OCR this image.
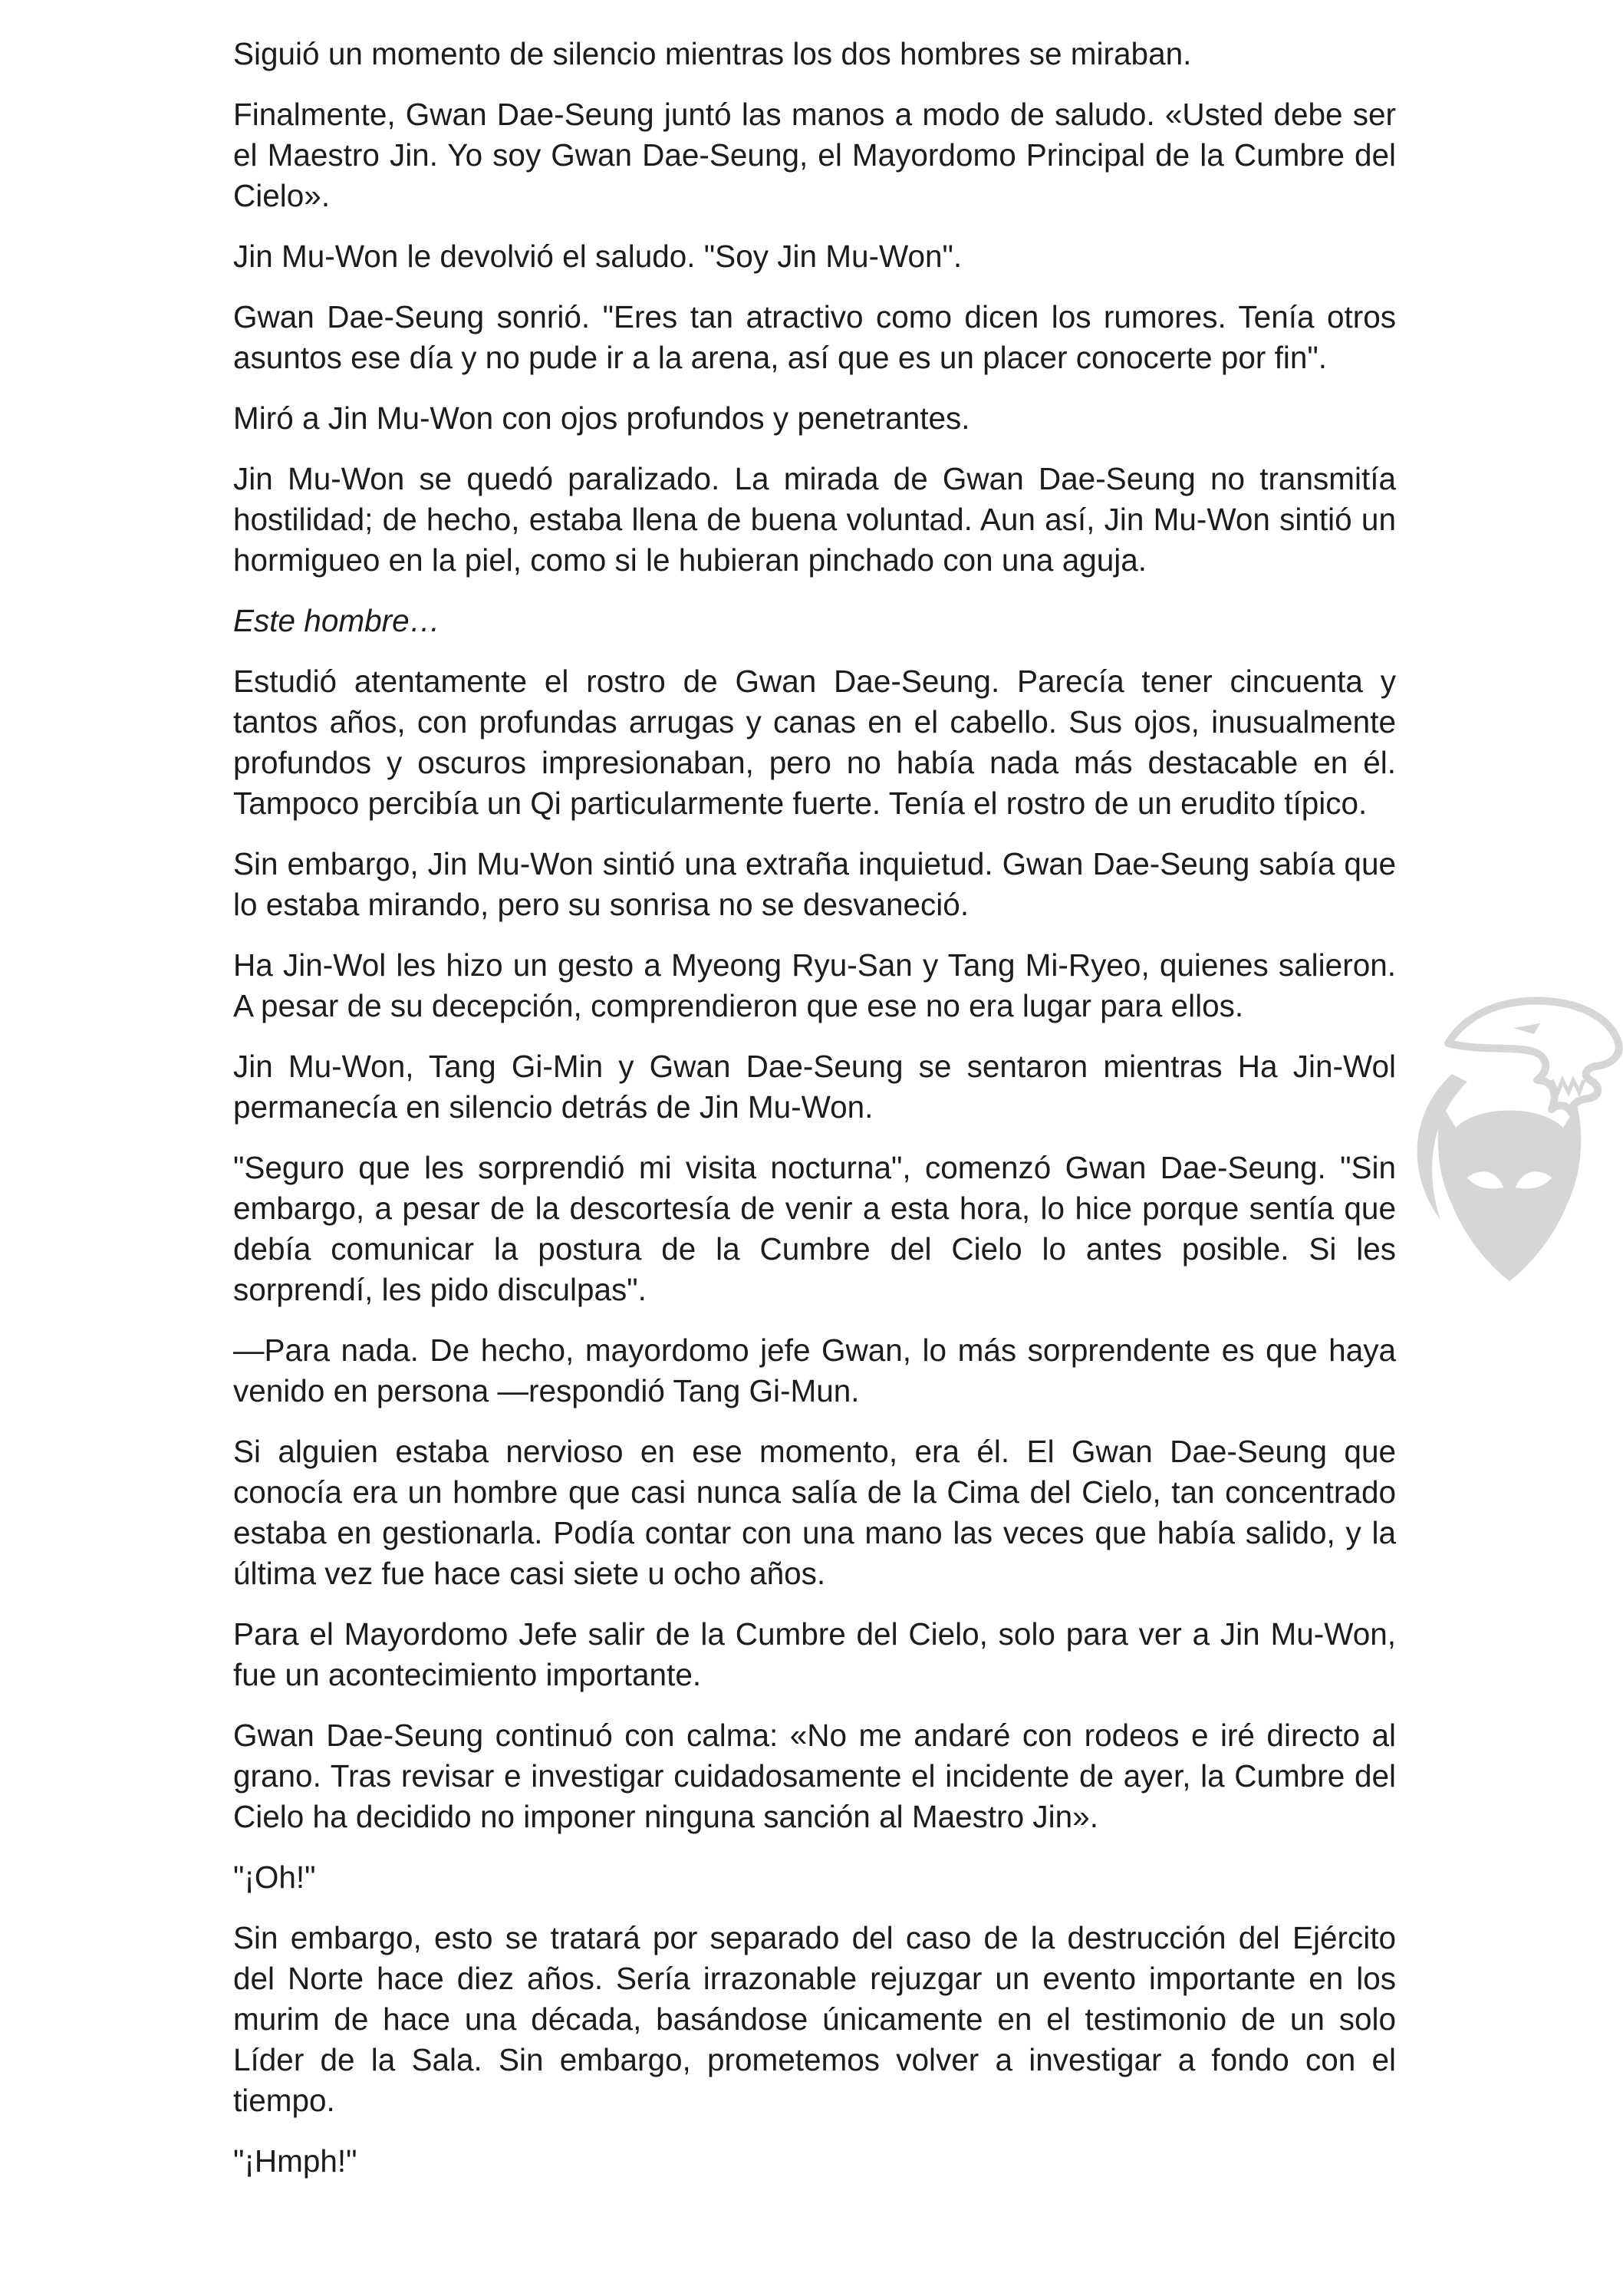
Siguió un momento de silencio mientras los dos hombres se miraban.

Finalmente, Gwan Dae-Seung juntó las manos a modo de saludo. «Usted debe ser el Maestro Jin. Yo soy Gwan Dae-Seung, el Mayordomo Principal de la Cumbre del Cielo».

Jin Mu-Won le devolvió el saludo. "Soy Jin Mu-Won".

Gwan Dae-Seung sonrió. "Eres tan atractivo como dicen los rumores. Tenía otros asuntos ese día y no pude ir a la arena, así que es un placer conocerte por fin".

Miró a Jin Mu-Won con ojos profundos y penetrantes.

Jin Mu-Won se quedó paralizado. La mirada de Gwan Dae-Seung no transmitía hostilidad; de hecho, estaba llena de buena voluntad. Aun así, Jin Mu-Won sintió un hormigueo en la piel, como si le hubieran pinchado con una aguja.

Este hombre…

Estudió atentamente el rostro de Gwan Dae-Seung. Parecía tener cincuenta y tantos años, con profundas arrugas y canas en el cabello. Sus ojos, inusualmente profundos y oscuros impresionaban, pero no había nada más destacable en él. Tampoco percibía un Qi particularmente fuerte. Tenía el rostro de un erudito típico.

Sin embargo, Jin Mu-Won sintió una extraña inquietud. Gwan Dae-Seung sabía que lo estaba mirando, pero su sonrisa no se desvaneció.

Ha Jin-Wol les hizo un gesto a Myeong Ryu-San y Tang Mi-Ryeo, quienes salieron. A pesar de su decepción, comprendieron que ese no era lugar para ellos.

Jin Mu-Won, Tang Gi-Min y Gwan Dae-Seung se sentaron mientras Ha Jin-Wol permanecía en silencio detrás de Jin Mu-Won.

"Seguro que les sorprendió mi visita nocturna", comenzó Gwan Dae-Seung. "Sin embargo, a pesar de la descortesía de venir a esta hora, lo hice porque sentía que debía comunicar la postura de la Cumbre del Cielo lo antes posible. Si les sorprendí, les pido disculpas".

—Para nada. De hecho, mayordomo jefe Gwan, lo más sorprendente es que haya venido en persona —respondió Tang Gi-Mun.

Si alguien estaba nervioso en ese momento, era él. El Gwan Dae-Seung que conocía era un hombre que casi nunca salía de la Cima del Cielo, tan concentrado estaba en gestionarla. Podía contar con una mano las veces que había salido, y la última vez fue hace casi siete u ocho años.

Para el Mayordomo Jefe salir de la Cumbre del Cielo, solo para ver a Jin Mu-Won, fue un acontecimiento importante.

Gwan Dae-Seung continuó con calma: «No me andaré con rodeos e iré directo al grano. Tras revisar e investigar cuidadosamente el incidente de ayer, la Cumbre del Cielo ha decidido no imponer ninguna sanción al Maestro Jin».

"¡Oh!"

Sin embargo, esto se tratará por separado del caso de la destrucción del Ejército del Norte hace diez años. Sería irrazonable rejuzgar un evento importante en los murim de hace una década, basándose únicamente en el testimonio de un solo Líder de la Sala. Sin embargo, prometemos volver a investigar a fondo con el tiempo.

"¡Hmph!"
